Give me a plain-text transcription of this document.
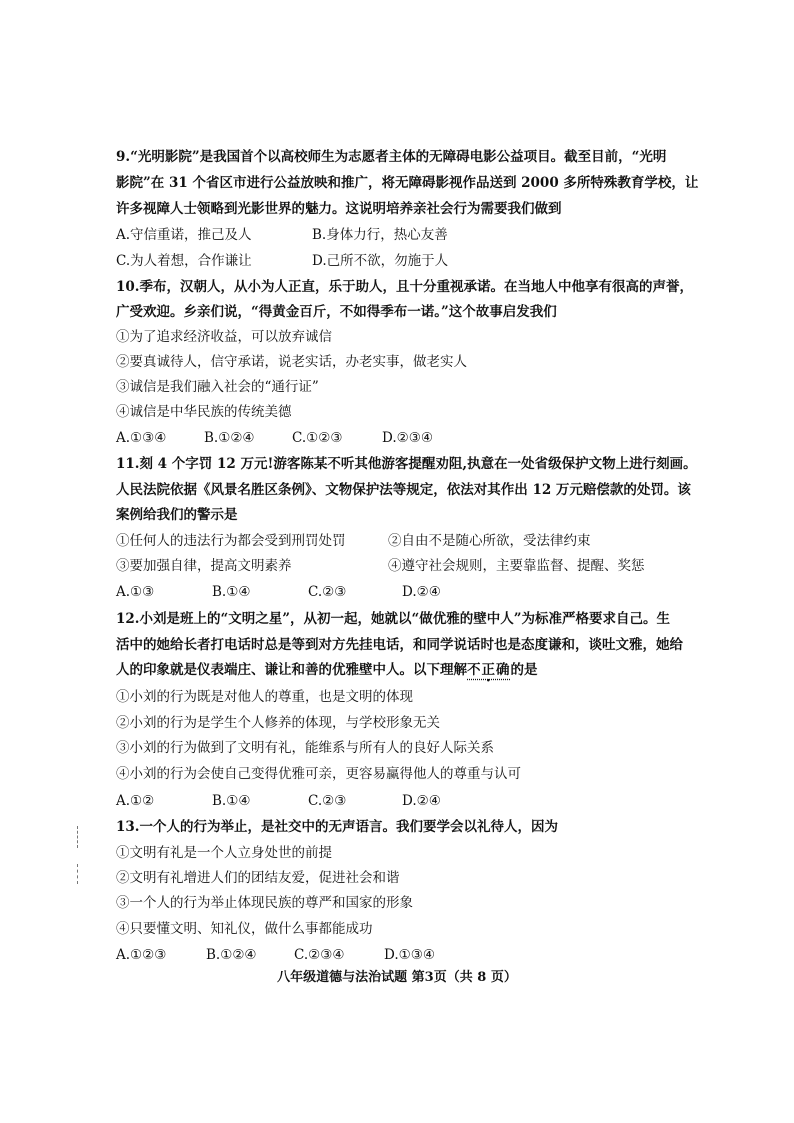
9.“光明影院”是我国首个以高校师生为志愿者主体的无障碍电影公益项目。截至目前，“光明
影院”在 31 个省区市进行公益放映和推广，将无障碍影视作品送到 2000 多所特殊教育学校，让
许多视障人士领略到光影世界的魅力。这说明培养亲社会行为需要我们做到
A.守信重诺，推己及人	B.身体力行，热心友善
C.为人着想，合作谦让	D.己所不欲，勿施于人
10.季布，汉朝人，从小为人正直，乐于助人，且十分重视承诺。在当地人中他享有很高的声誉，
广受欢迎。乡亲们说，“得黄金百斤，不如得季布一诺。”这个故事启发我们
①为了追求经济收益，可以放弃诚信
②要真诚待人，信守承诺，说老实话，办老实事，做老实人
③诚信是我们融入社会的“通行证”
④诚信是中华民族的传统美德
A.①③④	B.①②④	C.①②③	D.②③④
11.刻 4 个字罚 12 万元!游客陈某不听其他游客提醒劝阻,执意在一处省级保护文物上进行刻画。
人民法院依据《风景名胜区条例》、文物保护法等规定，依法对其作出 12 万元赔偿款的处罚。该
案例给我们的警示是
①任何人的违法行为都会受到刑罚处罚	②自由不是随心所欲，受法律约束
③要加强自律，提高文明素养	④遵守社会规则，主要靠监督、提醒、奖惩
A.①③	B.①④	C.②③	D.②④
12.小刘是班上的“文明之星”，从初一起，她就以“做优雅的壁中人”为标准严格要求自己。生
活中的她给长者打电话时总是等到对方先挂电话，和同学说话时也是态度谦和，谈吐文雅，她给
人的印象就是仪表端庄、谦让和善的优雅壁中人。以下理解不正确的是
①小刘的行为既是对他人的尊重，也是文明的体现
②小刘的行为是学生个人修养的体现，与学校形象无关
③小刘的行为做到了文明有礼，能维系与所有人的良好人际关系
④小刘的行为会使自己变得优雅可亲，更容易赢得他人的尊重与认可
A.①②	B.①④	C.②③	D.②④
13.一个人的行为举止，是社交中的无声语言。我们要学会以礼待人，因为
①文明有礼是一个人立身处世的前提
②文明有礼增进人们的团结友爱，促进社会和谐
③一个人的行为举止体现民族的尊严和国家的形象
④只要懂文明、知礼仪，做什么事都能成功
A.①②③	B.①②④	C.②③④	D.①③④
八年级道德与法治试题 第3页（共 8 页）
